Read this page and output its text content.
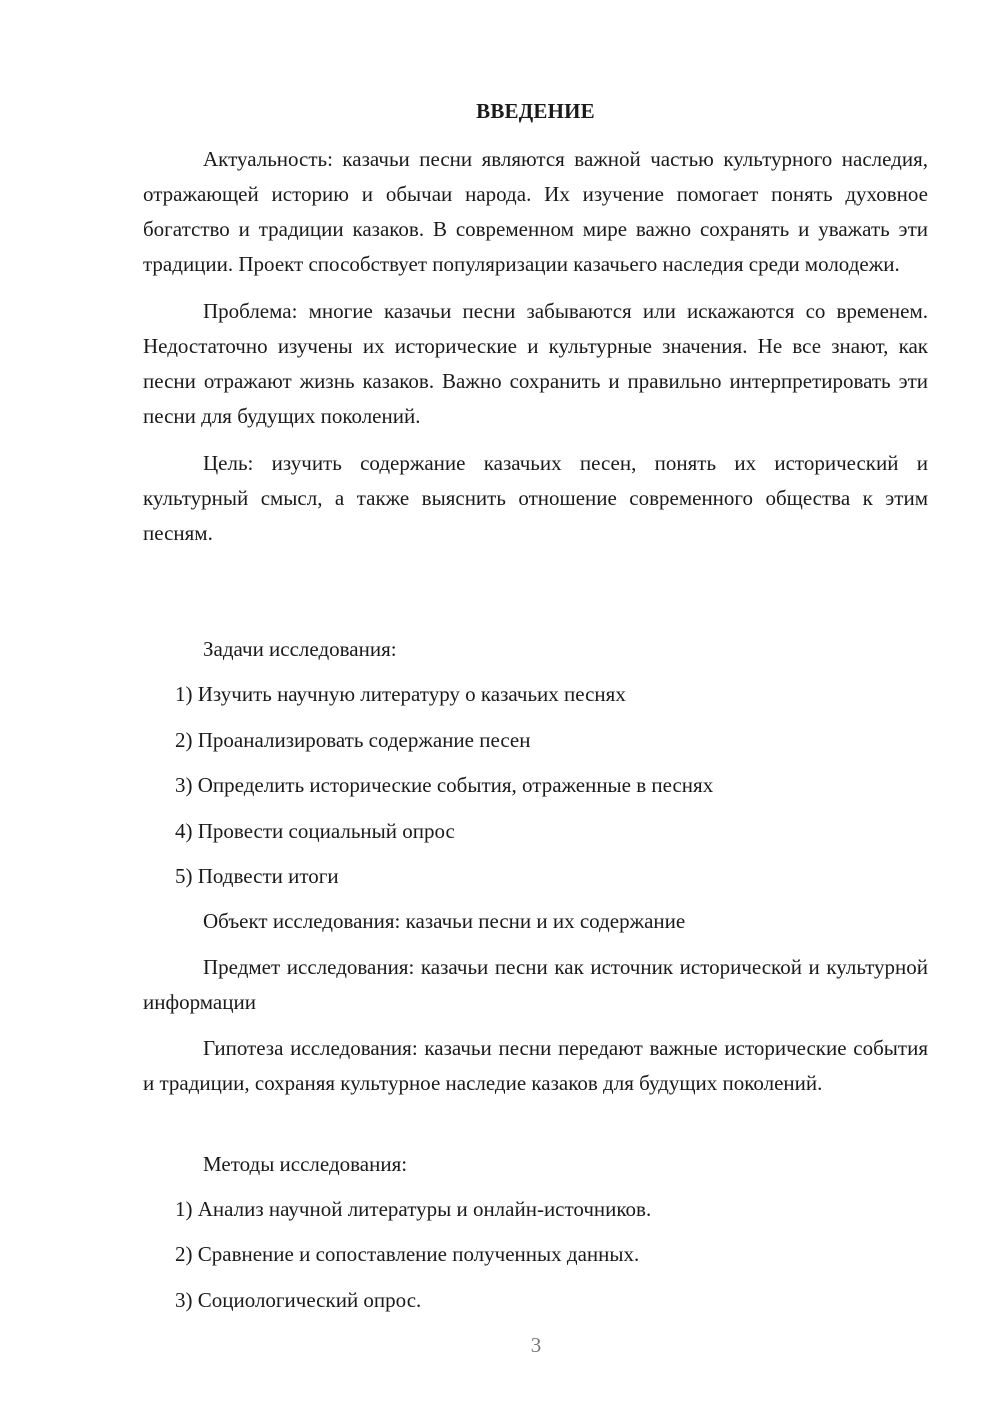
ВВЕДЕНИЕ

Актуальность: казачьи песни являются важной частью культурного наследия, отражающей историю и обычаи народа. Их изучение помогает понять духовное богатство и традиции казаков. В современном мире важно сохранять и уважать эти традиции. Проект способствует популяризации казачьего наследия среди молодежи.

Проблема: многие казачьи песни забываются или искажаются со временем. Недостаточно изучены их исторические и культурные значения. Не все знают, как песни отражают жизнь казаков. Важно сохранить и правильно интерпретировать эти песни для будущих поколений.

Цель: изучить содержание казачьих песен, понять их исторический и культурный смысл, а также выяснить отношение современного общества к этим песням.

Задачи исследования:
1) Изучить научную литературу о казачьих песнях
2) Проанализировать содержание песен
3) Определить исторические события, отраженные в песнях
4) Провести социальный опрос
5) Подвести итоги
Объект исследования: казачьи песни и их содержание

Предмет исследования: казачьи песни как источник исторической и культурной информации

Гипотеза исследования: казачьи песни передают важные исторические события и традиции, сохраняя культурное наследие казаков для будущих поколений.

Методы исследования:
1) Анализ научной литературы и онлайн-источников.
2) Сравнение и сопоставление полученных данных.
3) Социологический опрос.
3
